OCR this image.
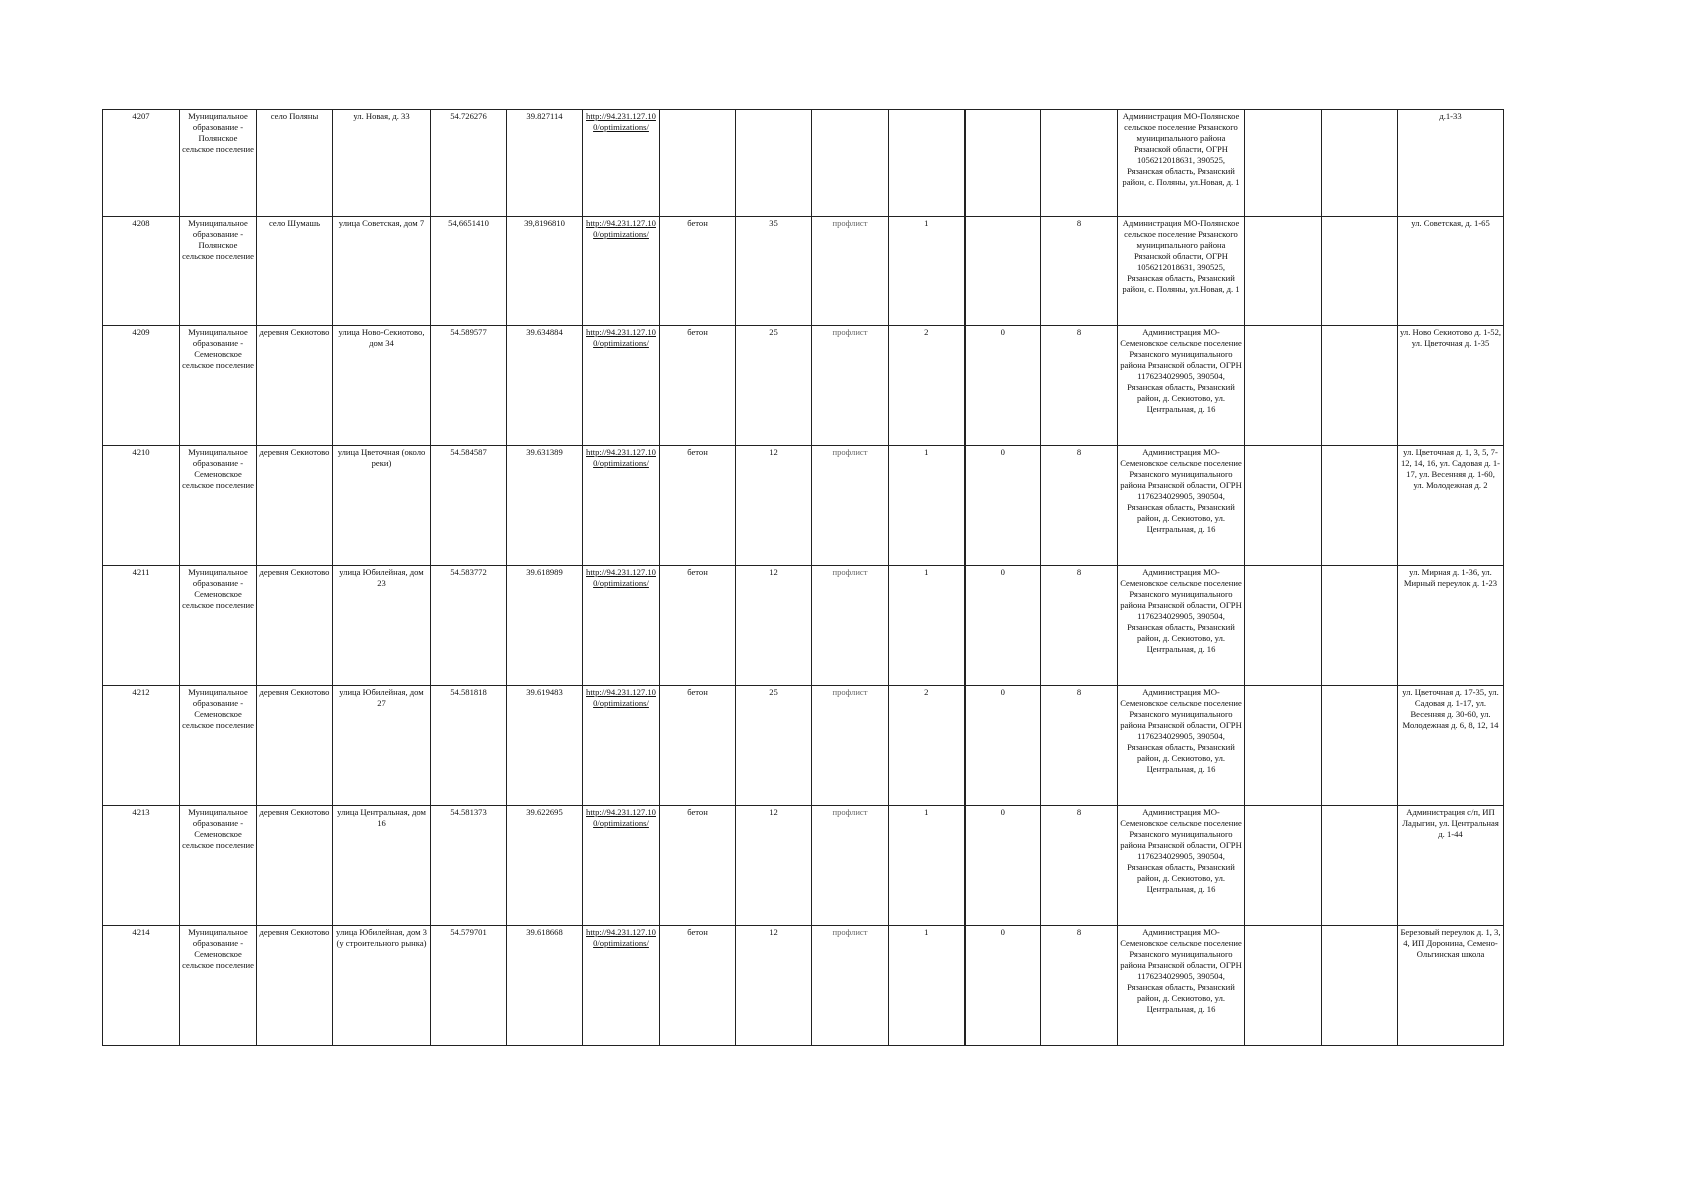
4207	Муниципальное образование - Полянское сельское поселение	село Поляны	ул. Новая, д. 33	54.726276	39.827114	http://94.231.127.10 0/optimizations/							Администрация МО-Полянское сельское поселение Рязанского муниципального района Рязанской области, ОГРН 1056212018631, 390525, Рязанская область, Рязанский район, с. Поляны, ул.Новая, д. 1			д.1-33
4208	Муниципальное образование - Полянское сельское поселение	село Шумашь	улица Советская, дом 7	54,6651410	39,8196810	http://94.231.127.10 0/optimizations/	бетон	35	профлист	1		8	Администрация МО-Полянское сельское поселение Рязанского муниципального района Рязанской области, ОГРН 1056212018631, 390525, Рязанская область, Рязанский район, с. Поляны, ул.Новая, д. 1			ул. Советская, д. 1-65
4209	Муниципальное образование - Семеновское сельское поселение	деревня Секиотово	улица Ново-Секиотово, дом 34	54.589577	39.634884	http://94.231.127.10 0/optimizations/	бетон	25	профлист	2	0	8	Администрация МО-Семеновское сельское поселение Рязанского муниципального района Рязанской области, ОГРН 1176234029905, 390504, Рязанская область, Рязанский район, д. Секиотово, ул. Центральная, д. 16			ул. Ново Секиотово д. 1-52, ул. Цветочная д. 1-35
4210	Муниципальное образование - Семеновское сельское поселение	деревня Секиотово	улица Цветочная (около реки)	54.584587	39.631389	http://94.231.127.10 0/optimizations/	бетон	12	профлист	1	0	8	Администрация МО-Семеновское сельское поселение Рязанского муниципального района Рязанской области, ОГРН 1176234029905, 390504, Рязанская область, Рязанский район, д. Секиотово, ул. Центральная, д. 16			ул. Цветочная д. 1, 3, 5, 7-12, 14, 16, ул. Садовая д. 1-17, ул. Весенняя д. 1-60, ул. Молодежная д. 2
4211	Муниципальное образование - Семеновское сельское поселение	деревня Секиотово	улица Юбилейная, дом 23	54.583772	39.618989	http://94.231.127.10 0/optimizations/	бетон	12	профлист	1	0	8	Администрация МО-Семеновское сельское поселение Рязанского муниципального района Рязанской области, ОГРН 1176234029905, 390504, Рязанская область, Рязанский район, д. Секиотово, ул. Центральная, д. 16			ул. Мирная д. 1-36, ул. Мирный переулок д. 1-23
4212	Муниципальное образование - Семеновское сельское поселение	деревня Секиотово	улица Юбилейная, дом 27	54.581818	39.619483	http://94.231.127.10 0/optimizations/	бетон	25	профлист	2	0	8	Администрация МО-Семеновское сельское поселение Рязанского муниципального района Рязанской области, ОГРН 1176234029905, 390504, Рязанская область, Рязанский район, д. Секиотово, ул. Центральная, д. 16			ул. Цветочная д. 17-35, ул. Садовая д. 1-17, ул. Весенняя д. 30-60, ул. Молодежная д. 6, 8, 12, 14
4213	Муниципальное образование - Семеновское сельское поселение	деревня Секиотово	улица Центральная, дом 16	54.581373	39.622695	http://94.231.127.10 0/optimizations/	бетон	12	профлист	1	0	8	Администрация МО-Семеновское сельское поселение Рязанского муниципального района Рязанской области, ОГРН 1176234029905, 390504, Рязанская область, Рязанский район, д. Секиотово, ул. Центральная, д. 16			Администрация с/п, ИП Ладыгин, ул. Центральная д. 1-44
4214	Муниципальное образование - Семеновское сельское поселение	деревня Секиотово	улица Юбилейная, дом 3 (у строительного рынка)	54.579701	39.618668	http://94.231.127.10 0/optimizations/	бетон	12	профлист	1	0	8	Администрация МО-Семеновское сельское поселение Рязанского муниципального района Рязанской области, ОГРН 1176234029905, 390504, Рязанская область, Рязанский район, д. Секиотово, ул. Центральная, д. 16			Березовый переулок д. 1, 3, 4, ИП Доронина, Семено-Ольгинская школа
